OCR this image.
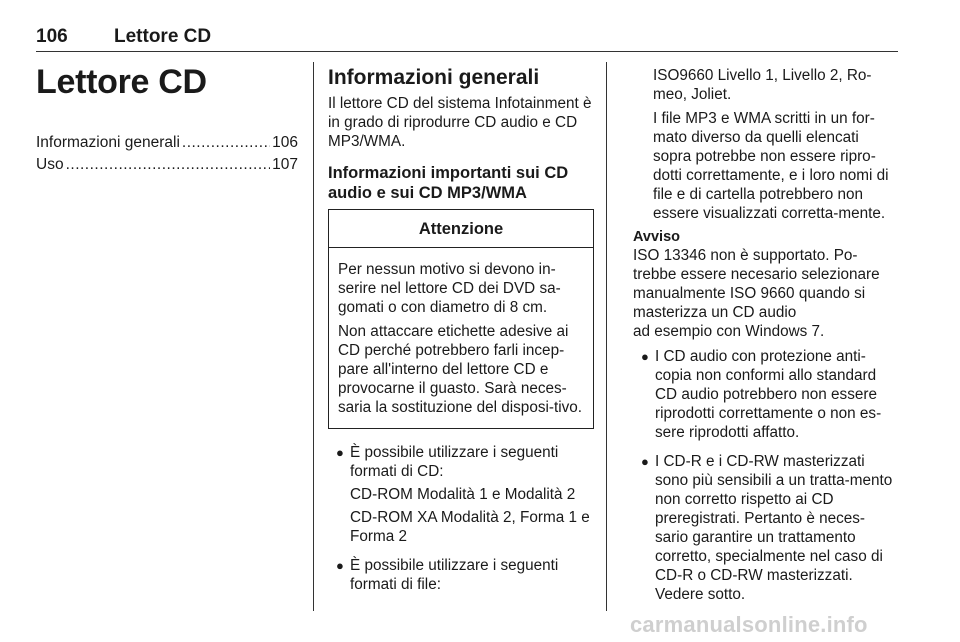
106 Lettore CD
Lettore CD
Informazioni generali .....	106
Uso .....	107
Informazioni generali
Il lettore CD del sistema Infotainment è in grado di riprodurre CD audio e CD MP3/WMA.
Informazioni importanti sui CD audio e sui CD MP3/WMA
Attenzione
Per nessun motivo si devono in-serire nel lettore CD dei DVD sa-gomati o con diametro di 8 cm.
Non attaccare etichette adesive ai CD perché potrebbero farli incep-pare all'interno del lettore CD e provocarne il guasto. Sarà neces-saria la sostituzione del disposi-tivo.
● È possibile utilizzare i seguenti formati di CD:
CD-ROM Modalità 1 e Modalità 2
CD-ROM XA Modalità 2, Forma 1 e Forma 2
● È possibile utilizzare i seguenti formati di file:
ISO9660 Livello 1, Livello 2, Ro-meo, Joliet.
I file MP3 e WMA scritti in un for-mato diverso da quelli elencati sopra potrebbe non essere ripro-dotti correttamente, e i loro nomi di file e di cartella potrebbero non essere visualizzati corretta-mente.
Avviso
ISO 13346 non è supportato. Po-trebbe essere necesario selezionare manualmente ISO 9660 quando si masterizza un CD audio
ad esempio con Windows 7.
● I CD audio con protezione anti-copia non conformi allo standard CD audio potrebbero non essere riprodotti correttamente o non es-sere riprodotti affatto.
● I CD-R e i CD-RW masterizzati sono più sensibili a un tratta-mento non corretto rispetto ai CD preregistrati. Pertanto è neces-sario garantire un trattamento corretto, specialmente nel caso di CD-R o CD-RW masterizzati. Vedere sotto.
carmanualsonline.info
